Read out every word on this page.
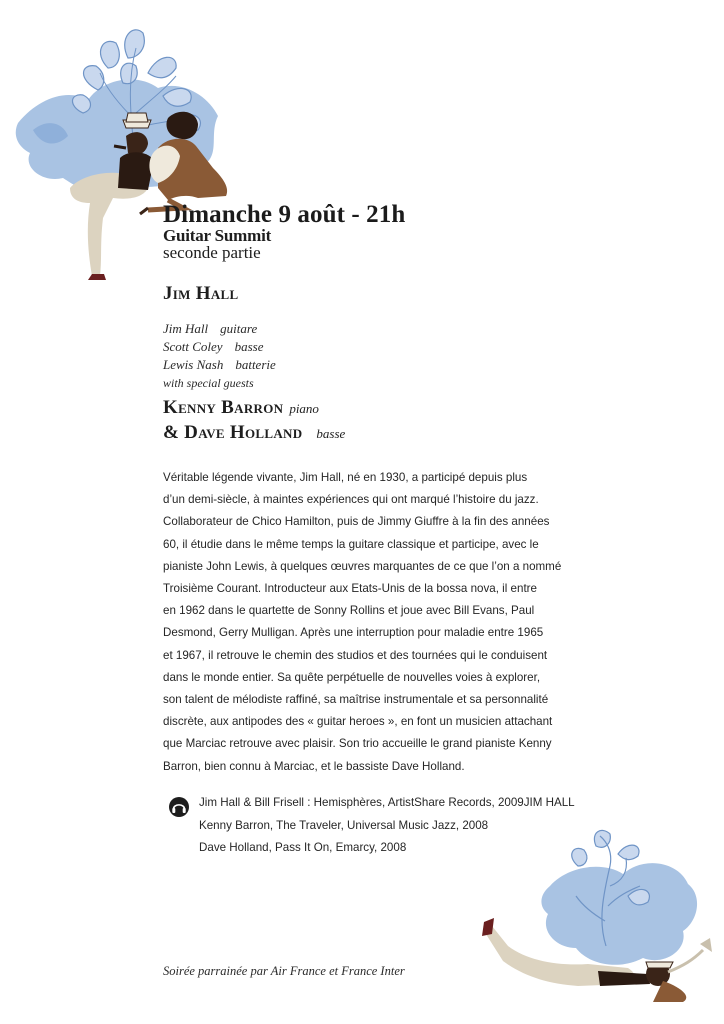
Dimanche 9 août - 21h
Guitar Summit
seconde partie
Jim Hall
Jim Hall guitare
Scott Coley basse
Lewis Nash batterie
with special guests
Kenny Barron piano
& Dave Holland basse
Véritable légende vivante, Jim Hall, né en 1930, a participé depuis plus
d’un demi-siècle, à maintes expériences qui ont marqué l’histoire du jazz.
Collaborateur de Chico Hamilton, puis de Jimmy Giuffre à la fin des années
60, il étudie dans le même temps la guitare classique et participe, avec le
pianiste John Lewis, à quelques œuvres marquantes de ce que l’on a nommé
Troisième Courant. Introducteur aux Etats-Unis de la bossa nova, il entre
en 1962 dans le quartette de Sonny Rollins et joue avec Bill Evans, Paul
Desmond, Gerry Mulligan. Après une interruption pour maladie entre 1965
et 1967, il retrouve le chemin des studios et des tournées qui le conduisent
dans le monde entier. Sa quête perpétuelle de nouvelles voies à explorer,
son talent de mélodiste raffiné, sa maîtrise instrumentale et sa personnalité
discrète, aux antipodes des « guitar heroes », en font un musicien attachant
que Marciac retrouve avec plaisir. Son trio accueille le grand pianiste Kenny
Barron, bien connu à Marciac, et le bassiste Dave Holland.
Jim Hall & Bill Frisell : Hemisphères, ArtistShare Records, 2009JIM HALL
Kenny Barron, The Traveler, Universal Music Jazz, 2008
Dave Holland, Pass It On, Emarcy, 2008
Soirée parrainée par Air France et France Inter
